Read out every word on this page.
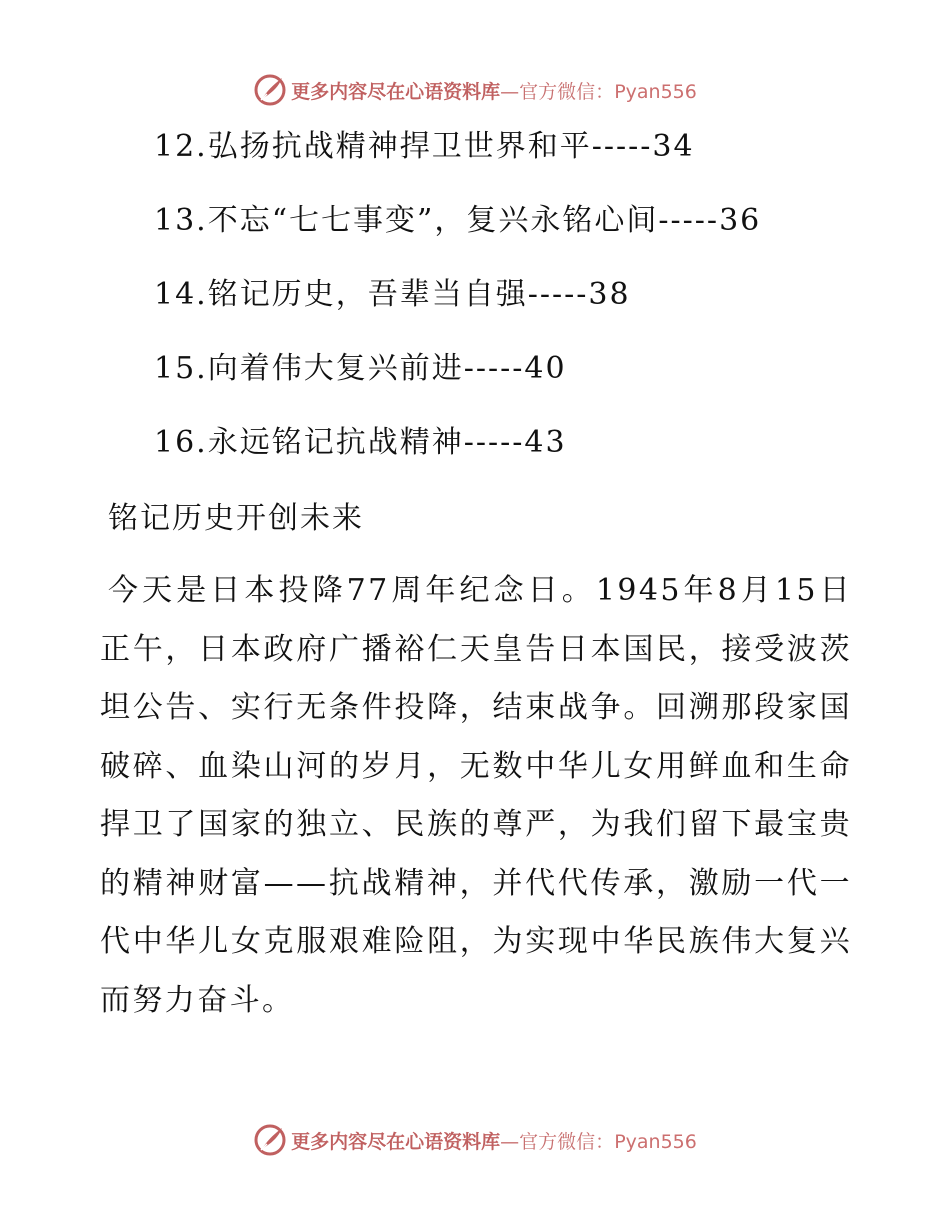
更多内容尽在心语资料库—官方微信：Pyan556
12.弘扬抗战精神捍卫世界和平-----34
13.不忘“七七事变”，复兴永铭心间-----36
14.铭记历史，吾辈当自强-----38
15.向着伟大复兴前进-----40
16.永远铭记抗战精神-----43
铭记历史开创未来

今天是日本投降77周年纪念日。1945年8月15日正午，日本政府广播裕仁天皇告日本国民，接受波茨坦公告、实行无条件投降，结束战争。回溯那段家国破碎、血染山河的岁月，无数中华儿女用鲜血和生命捍卫了国家的独立、民族的尊严，为我们留下最宝贵的精神财富——抗战精神，并代代传承，激励一代一代中华儿女克服艰难险阻，为实现中华民族伟大复兴而努力奋斗。

更多内容尽在心语资料库—官方微信：Pyan556
